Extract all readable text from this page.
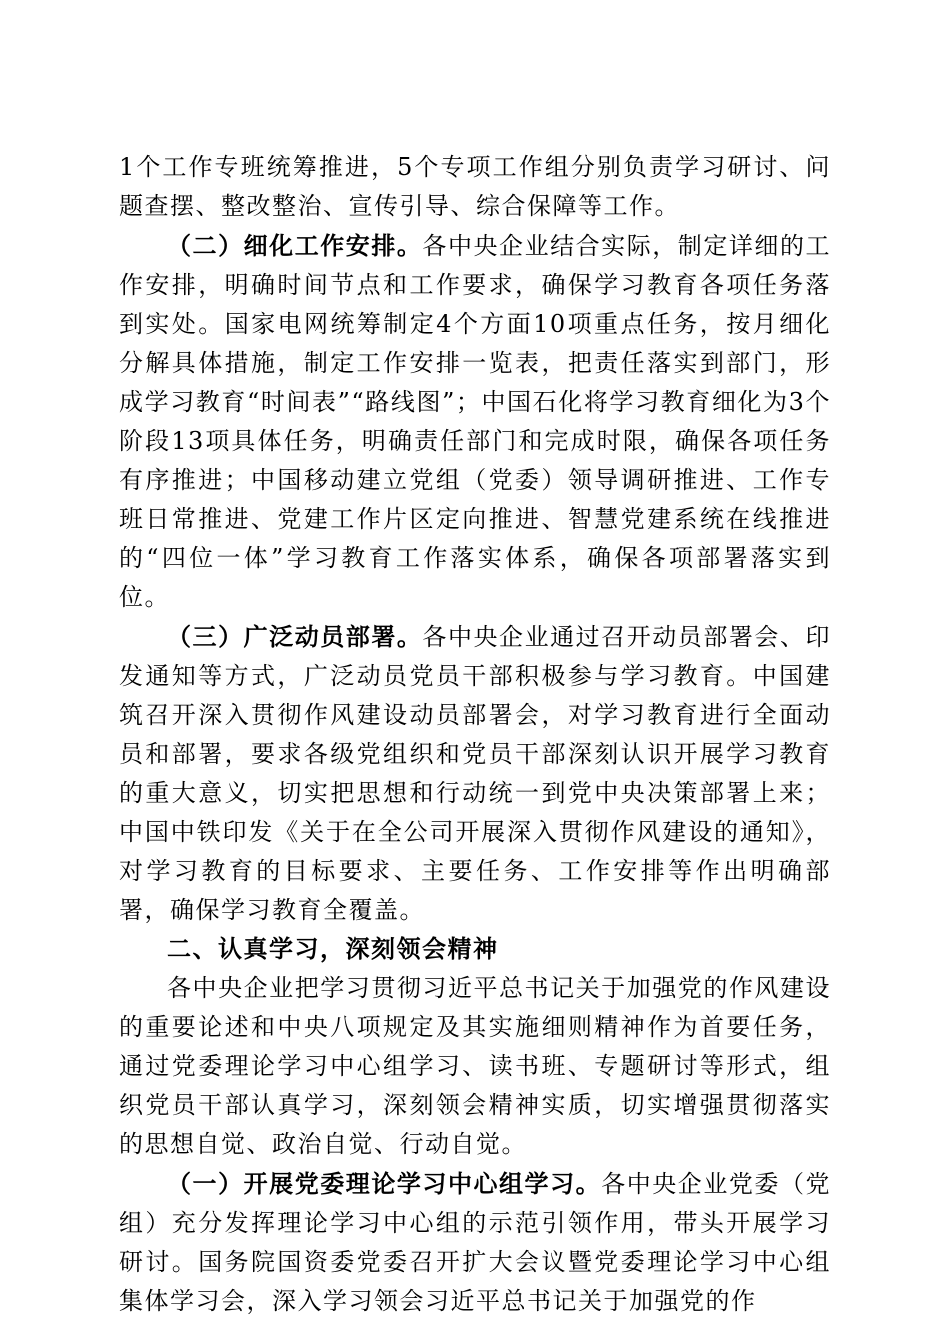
1个工作专班统筹推进，5个专项工作组分别负责学习研讨、问题查摆、整改整治、宣传引导、综合保障等工作。

（二）细化工作安排。各中央企业结合实际，制定详细的工作安排，明确时间节点和工作要求，确保学习教育各项任务落到实处。国家电网统筹制定4个方面10项重点任务，按月细化分解具体措施，制定工作安排一览表，把责任落实到部门，形成学习教育“时间表”“路线图”；中国石化将学习教育细化为3个阶段13项具体任务，明确责任部门和完成时限，确保各项任务有序推进；中国移动建立党组（党委）领导调研推进、工作专班日常推进、党建工作片区定向推进、智慧党建系统在线推进的“四位一体”学习教育工作落实体系，确保各项部署落实到位。

（三）广泛动员部署。各中央企业通过召开动员部署会、印发通知等方式，广泛动员党员干部积极参与学习教育。中国建筑召开深入贯彻作风建设动员部署会，对学习教育进行全面动员和部署，要求各级党组织和党员干部深刻认识开展学习教育的重大意义，切实把思想和行动统一到党中央决策部署上来；中国中铁印发《关于在全公司开展深入贯彻作风建设的通知》，对学习教育的目标要求、主要任务、工作安排等作出明确部署，确保学习教育全覆盖。

二、认真学习，深刻领会精神

各中央企业把学习贯彻习近平总书记关于加强党的作风建设的重要论述和中央八项规定及其实施细则精神作为首要任务，通过党委理论学习中心组学习、读书班、专题研讨等形式，组织党员干部认真学习，深刻领会精神实质，切实增强贯彻落实的思想自觉、政治自觉、行动自觉。

（一）开展党委理论学习中心组学习。各中央企业党委（党组）充分发挥理论学习中心组的示范引领作用，带头开展学习研讨。国务院国资委党委召开扩大会议暨党委理论学习中心组集体学习会，深入学习领会习近平总书记关于加强党的作
